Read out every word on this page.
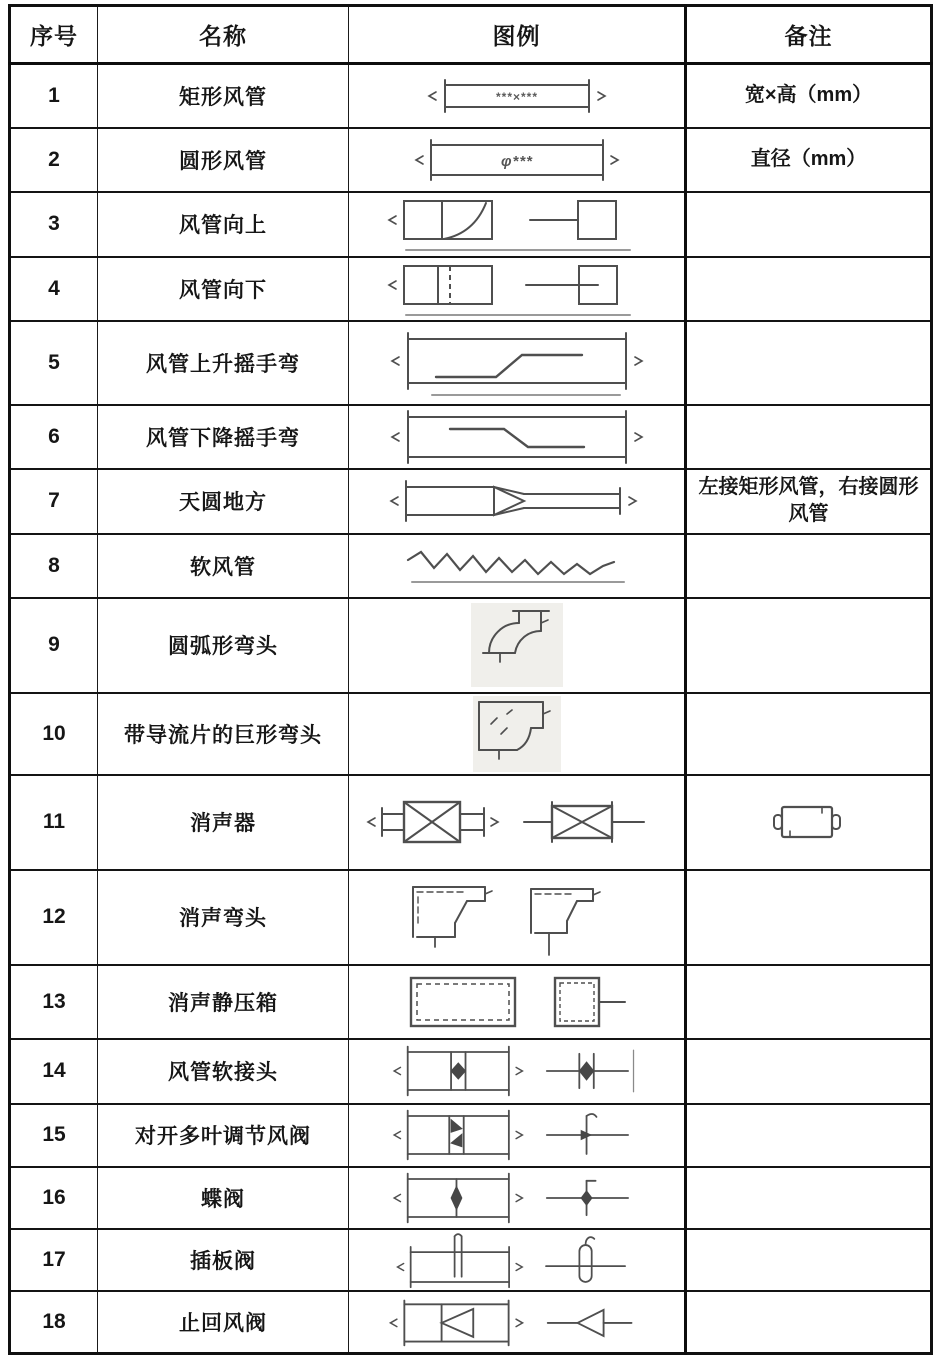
序号	名称	图例	备注
1	矩形风管	***×***	宽×高（mm）
2	圆形风管	φ***	直径（mm）
3	风管向上	

4	风管向下	

5	风管上升摇手弯	

6	风管下降摇手弯	

7	天圆地方		左接矩形风管，右接圆形风管
8	软风管	

9	圆弧形弯头	

10	带导流片的巨形弯头	

11	消声器	

12	消声弯头	

13	消声静压箱	

14	风管软接头	

15	对开多叶调节风阀	

16	蝶阀	

17	插板阀	

18	止回风阀	
